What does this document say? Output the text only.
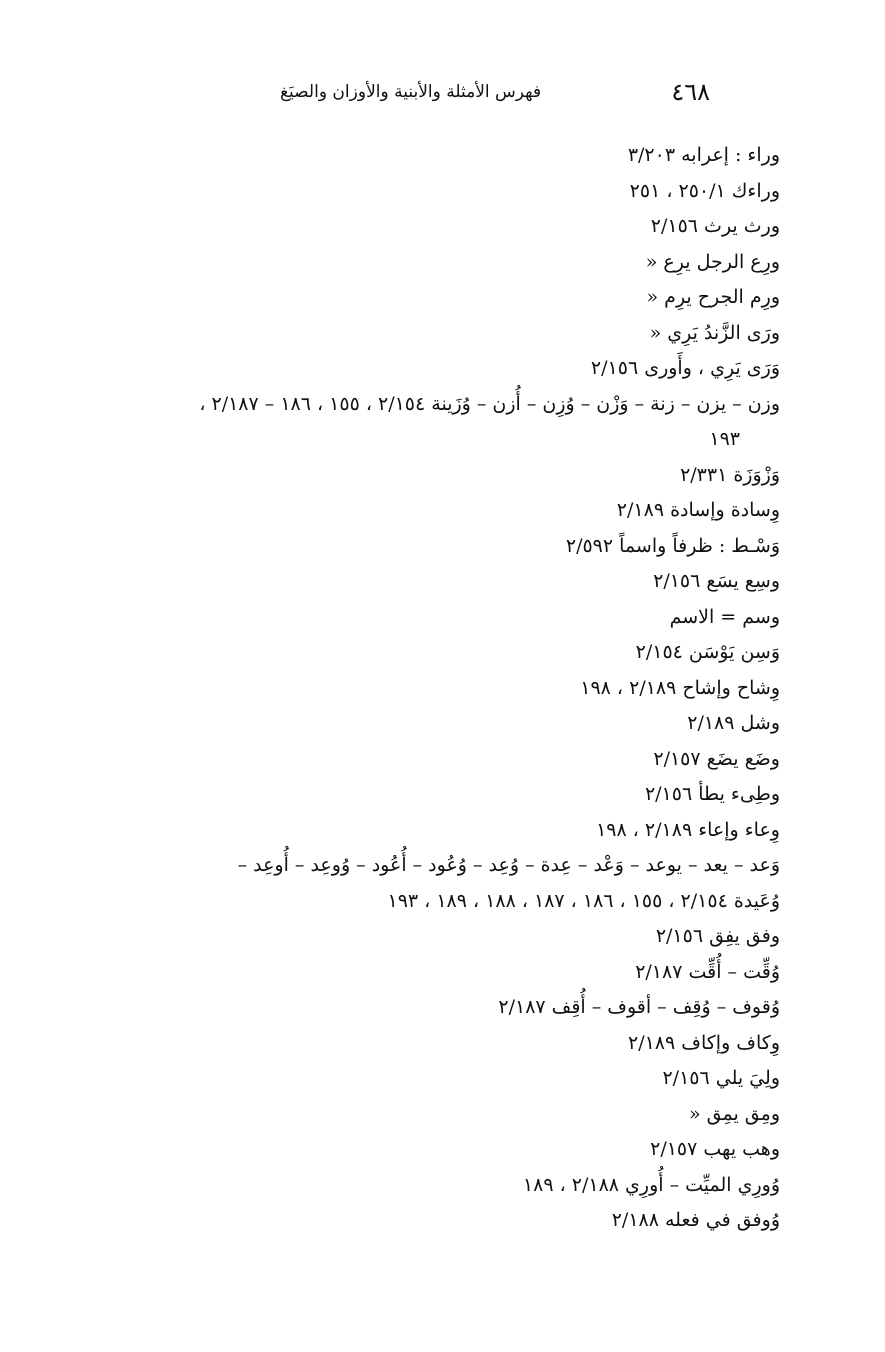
٤٦٨
فهرس الأمثلة والأبنية والأوزان والصيَغ
وراء : إعرابه ٣/٢٠٣
وراءك ٢٥٠/١ ، ٢٥١
ورث يرث ٢/١٥٦
ورِع الرجل يرِع «
ورِم الجرح يرِم «
ورَى الزَّندُ يَرِي «
وَرَى يَرِي ، وأَورى ٢/١٥٦
وزن – يزن – زنة – وَزْن – وُزِن – أُزن – وُزَينة ٢/١٥٤ ، ١٥٥ ، ١٨٦ – ٢/١٨٧ ،
١٩٣
وَزْوَزَة ٢/٣٣١
وِسادة وإسادة ٢/١٨٩
وَسْـط : ظرفاً واسماً ٢/٥٩٢
وسِع يسَع ٢/١٥٦
وسم = الاسم
وَسِن يَوْسَن ٢/١٥٤
وِشاح وإشاح ٢/١٨٩ ، ١٩٨
وشل ٢/١٨٩
وضَع يضَع ٢/١٥٧
وطِىء يطأ ٢/١٥٦
وِعاء وإعاء ٢/١٨٩ ، ١٩٨
وَعد – يعد – يوعد – وَعْد – عِدة – وُعِد – وُعُود – أُعُود – وُوعِد – أُوعِد –
وُعَيدة ٢/١٥٤ ، ١٥٥ ، ١٨٦ ، ١٨٧ ، ١٨٨ ، ١٨٩ ، ١٩٣
وفق يفِق ٢/١٥٦
وُقِّت – أُقِّت ٢/١٨٧
وُقوف – وُقِف – أقوف – أُقِف ٢/١٨٧
وِكاف وإكاف ٢/١٨٩
ولِيَ يلي ٢/١٥٦
ومِق يمِق «
وهب يهب ٢/١٥٧
وُورِي الميِّت – أُورِي ٢/١٨٨ ، ١٨٩
وُوفق في فعله ٢/١٨٨
